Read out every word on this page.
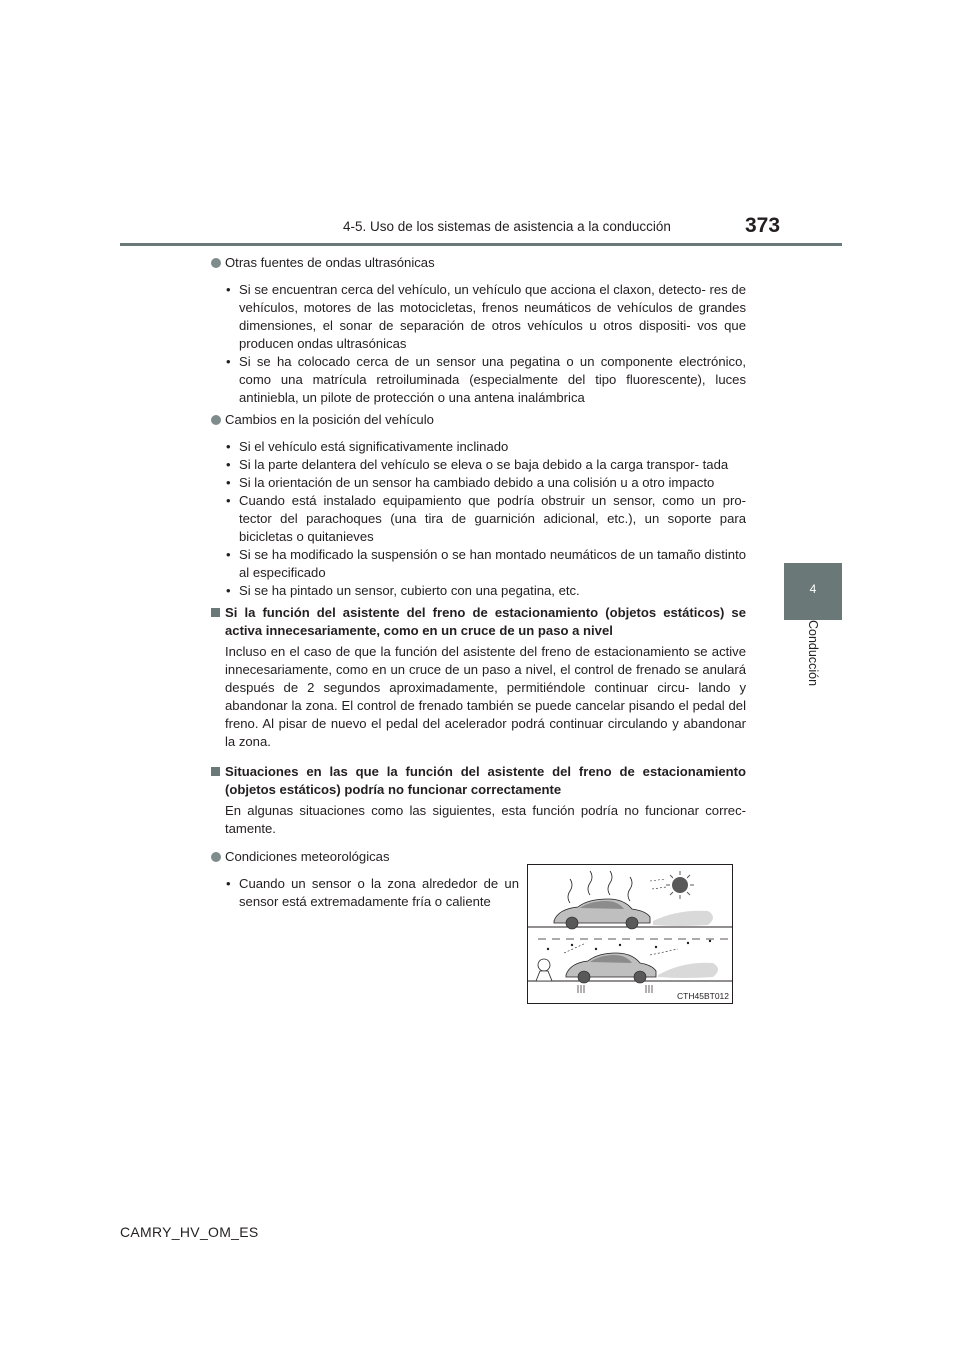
4-5. Uso de los sistemas de asistencia a la conducción	373
4
Conducción
Otras fuentes de ondas ultrasónicas
• Si se encuentran cerca del vehículo, un vehículo que acciona el claxon, detecto- res de vehículos, motores de las motocicletas, frenos neumáticos de vehículos de grandes dimensiones, el sonar de separación de otros vehículos u otros dispositi- vos que producen ondas ultrasónicas
• Si se ha colocado cerca de un sensor una pegatina o un componente electrónico, como una matrícula retroiluminada (especialmente del tipo fluorescente), luces antiniebla, un pilote de protección o una antena inalámbrica
Cambios en la posición del vehículo
• Si el vehículo está significativamente inclinado
• Si la parte delantera del vehículo se eleva o se baja debido a la carga transpor- tada
• Si la orientación de un sensor ha cambiado debido a una colisión u a otro impacto
• Cuando está instalado equipamiento que podría obstruir un sensor, como un pro- tector del parachoques (una tira de guarnición adicional, etc.), un soporte para bicicletas o quitanieves
• Si se ha modificado la suspensión o se han montado neumáticos de un tamaño distinto al especificado
• Si se ha pintado un sensor, cubierto con una pegatina, etc.
Si la función del asistente del freno de estacionamiento (objetos estáticos) se activa innecesariamente, como en un cruce de un paso a nivel
Incluso en el caso de que la función del asistente del freno de estacionamiento se active innecesariamente, como en un cruce de un paso a nivel, el control de frenado se anulará después de 2 segundos aproximadamente, permitiéndole continuar circu- lando y abandonar la zona. El control de frenado también se puede cancelar pisando el pedal del freno. Al pisar de nuevo el pedal del acelerador podrá continuar circulando y abandonar la zona.
Situaciones en las que la función del asistente del freno de estacionamiento (objetos estáticos) podría no funcionar correctamente
En algunas situaciones como las siguientes, esta función podría no funcionar correc- tamente.
Condiciones meteorológicas
• Cuando un sensor o la zona alrededor de un sensor está extremadamente fría o caliente
CTH45BT012
CAMRY_HV_OM_ES
